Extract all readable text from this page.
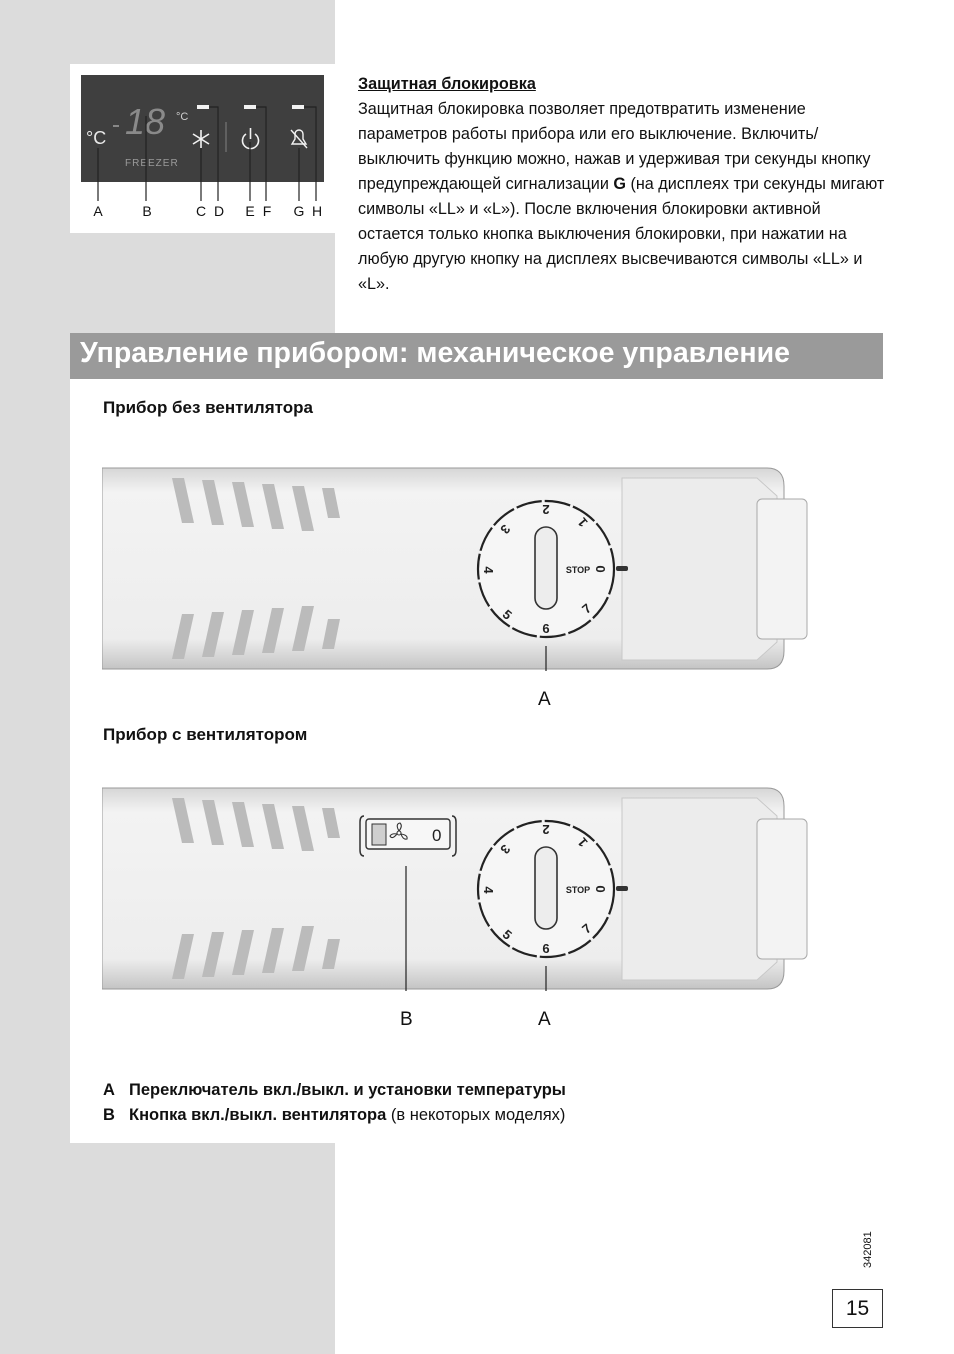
°C 18 °C
FREEZER
A	B	C D E F G H
Защитная блокировка
Защитная блокировка позволяет предотвратить изменение параметров работы прибора или его выключение. Включить/ выключить функцию можно, нажав и удерживая три секунды кнопку предупреждающей сигнализации G (на дисплеях три секунды мигают символы «LL» и «L»). После включения блокировки активной остается только кнопка выключения блокировки, при нажатии на любую другую кнопку на дисплеях высвечиваются символы «LL» и «L».
Управление прибором: механическое управление
Прибор без вентилятора
2
1
0
7
6
5
4
3
STOP
A
Прибор с вентилятором
0	2
1
0
7
6
5
4
3
STOP
B	A
A Переключатель вкл./выкл. и установки температуры
B Кнопка вкл./выкл. вентилятора (в некоторых моделях)
342081
15
